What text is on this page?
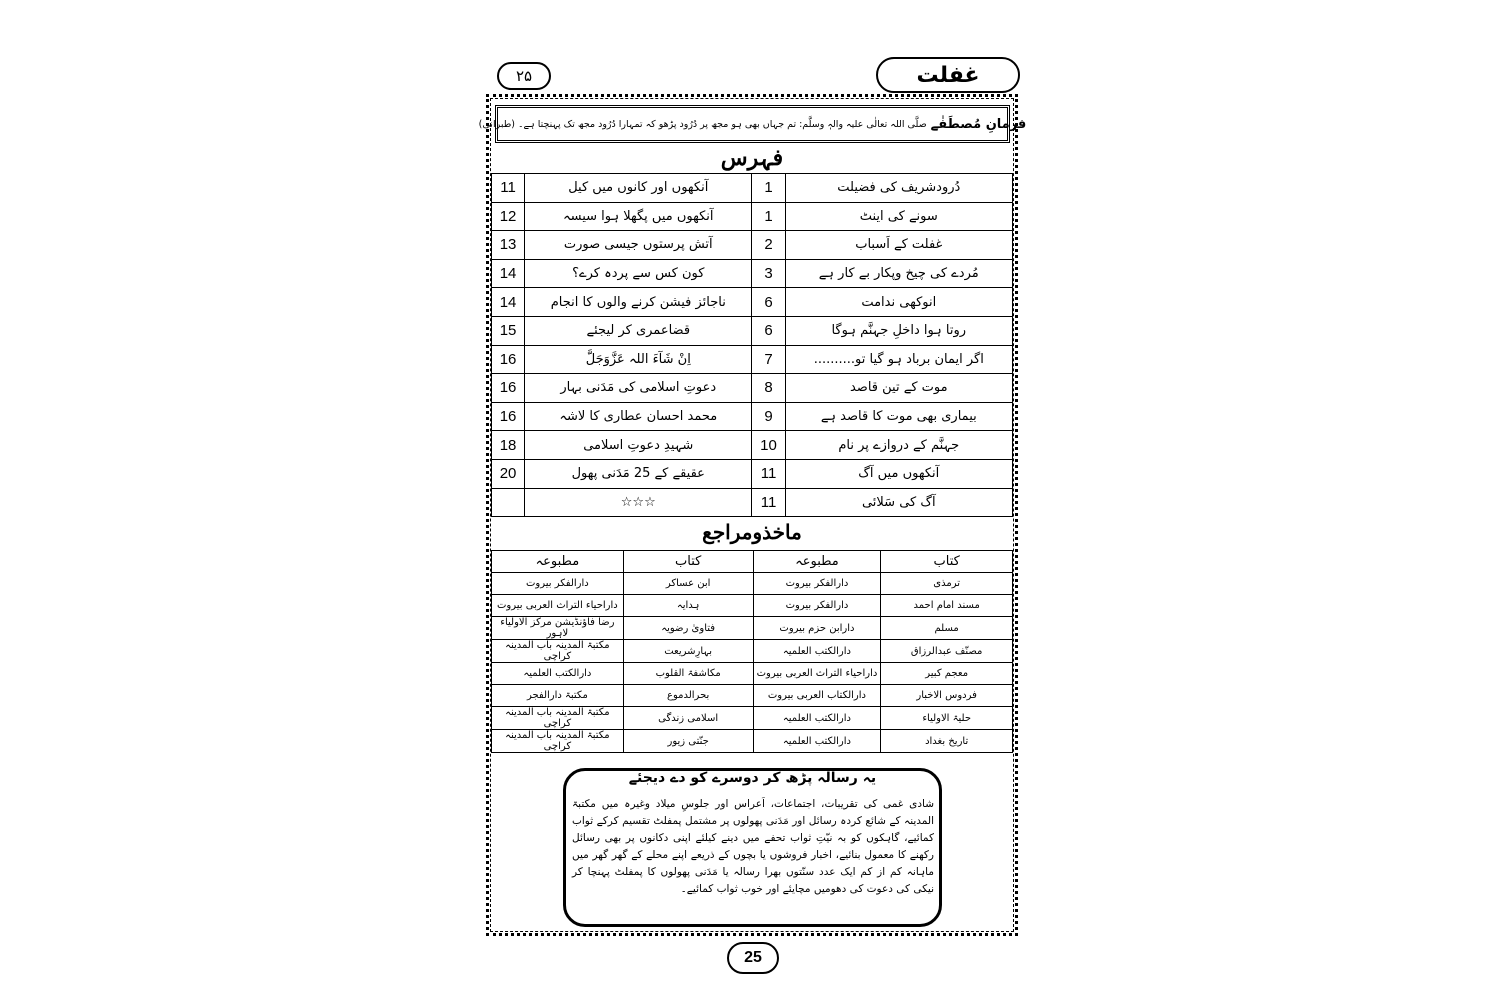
غفلت
۲۵
فرمانِ مُصطَفٰے
صلَّی اللہ تعالٰی علیہ والہٖ وسلَّم: تم جہاں بھی ہو مجھ پر دُرُود پڑھو کہ تمہارا دُرُود مجھ تک پہنچتا ہے۔ (طبرانی)
فہرس
11	آنکھوں اور کانوں میں کیل	1	دُرودشریف کی فضیلت
12	آنکھوں میں پگھلا ہوا سیسہ	1	سونے کی اینٹ
13	آتش پرستوں جیسی صورت	2	غفلت کے اَسباب
14	کون کس سے پردہ کرے؟	3	مُردے کی چیخ وپکار بے کار ہے
14	ناجائز فیشن کرنے والوں کا انجام	6	انوکھی ندامت
15	قضاعمری کر لیجئے	6	روتا ہوا داخلِ جہنَّم ہوگا
16	اِنْ شَآءَ اللہ عَزَّوَجَلَّ	7	اگر ایمان برباد ہو گیا تو..........
16	دعوتِ اسلامی کی مَدَنی بہار	8	موت کے تین قاصد
16	محمد احسان عطاری کا لاشہ	9	بیماری بھی موت کا قاصد ہے
18	شہیدِ دعوتِ اسلامی	10	جہنَّم کے دروازے پر نام
20	عقیقے کے 25 مَدَنی پھول	11	آنکھوں میں آگ
	☆☆☆	11	آگ کی سَلائی
ماخذومراجع
کتاب	مطبوعہ	کتاب	مطبوعہ
ترمذی	دارالفکر بیروت	ابن عساکر	دارالفکر بیروت
مسند امام احمد	دارالفکر بیروت	ہدایہ	داراحیاء التراث العربی بیروت
مسلم	دارابن حزم بیروت	فتاویٰ رضویہ	رضا فاؤنڈیشن مرکز الاولیاء لاہور
مصنّف عبدالرزاق	دارالکتب العلمیہ	بہارِشریعت	مکتبۃ المدینہ باب المدینہ کراچی
معجم کبیر	داراحیاء التراث العربی بیروت	مکاشفۃ القلوب	دارالکتب العلمیہ
فردوس الاخبار	دارالکتاب العربی بیروت	بحرالدموع	مکتبۃ دارالفجر
حلیۃ الاولیاء	دارالکتب العلمیہ	اسلامی زندگی	مکتبۃ المدینہ باب المدینہ کراچی
تاریخ بغداد	دارالکتب العلمیہ	جنّتی زیور	مکتبۃ المدینہ باب المدینہ کراچی
یہ رسالہ پڑھ کر دوسرے کو دے دیجئے
شادی غمی کی تقریبات، اجتماعات، اَعراس اور جلوسِ میلاد وغیرہ میں مکتبۃ المدینہ کے شائع کردہ رسائل اور مَدَنی پھولوں پر مشتمل پمفلٹ تقسیم کرکے ثواب کمائیے، گاہکوں کو بہ نیّتِ ثواب تحفے میں دینے کیلئے اپنی دکانوں پر بھی رسائل رکھنے کا معمول بنائیے، اخبار فروشوں یا بچوں کے ذریعے اپنے محلے کے گھر گھر میں ماہانہ کم از کم ایک عدد سنّتوں بھرا رسالہ یا مَدَنی پھولوں کا پمفلٹ پہنچا کر نیکی کی دعوت کی دھومیں مچایئے اور خوب ثواب کمائیے۔
25
